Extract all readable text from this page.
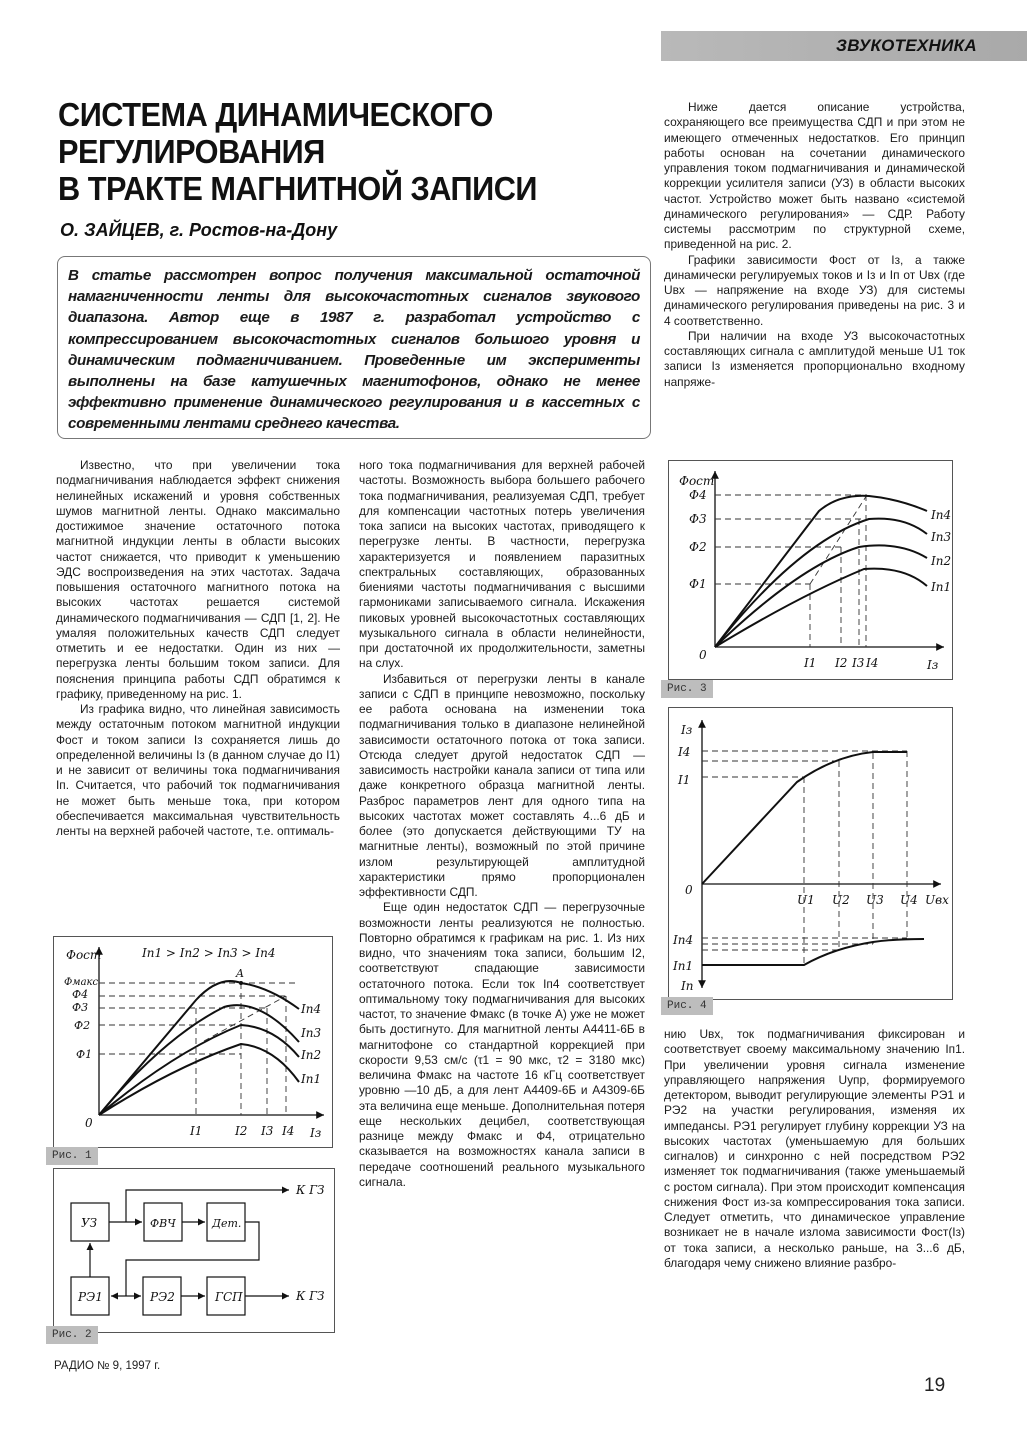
ЗВУКОТЕХНИКА
СИСТЕМА ДИНАМИЧЕСКОГО
РЕГУЛИРОВАНИЯ
В ТРАКТЕ МАГНИТНОЙ ЗАПИСИ
О. ЗАЙЦЕВ, г. Ростов-на-Дону

В статье рассмотрен вопрос получения максимальной остаточной намагниченности ленты для высокочастотных сигналов звукового диапазона. Автор еще в 1987 г. разработал устройство с компрессированием высокочастотных сигналов большого уровня и динамическим подмагничиванием. Проведенные им эксперименты выполнены на базе катушечных магнитофонов, однако не менее эффективно применение динамического регулирования и в кассетных с современными лентами среднего качества.

Известно, что при увеличении тока подмагничивания наблюдается эффект снижения нелинейных искажений и уровня собственных шумов магнитной ленты. Однако максимально достижимое значение остаточного потока магнитной индукции ленты в области высоких частот снижается, что приводит к уменьшению ЭДС воспроизведения на этих частотах. Задача повышения остаточного магнитного потока на высоких частотах решается системой динамического подмагничивания — СДП [1, 2]. Не умаляя положительных качеств СДП следует отметить и ее недостатки. Один из них — перегрузка ленты большим током записи. Для пояснения принципа работы СДП обратимся к графику, приведенному на рис. 1.

Из графика видно, что линейная зависимость между остаточным потоком магнитной индукции Фост и током записи Iз сохраняется лишь до определенной величины Iз (в данном случае до I1) и не зависит от величины тока подмагничивания Iп. Считается, что рабочий ток подмагничивания не может быть меньше тока, при котором обеспечивается максимальная чувствительность ленты на верхней рабочей частоте, т.е. оптималь-

ного тока подмагничивания для верхней рабочей частоты. Возможность выбора большего рабочего тока подмагничивания, реализуемая СДП, требует для компенсации частотных потерь увеличения тока записи на высоких частотах, приводящего к перегрузке ленты. В частности, перегрузка характеризуется и появлением паразитных спектральных составляющих, образованных биениями частоты подмагничивания с высшими гармониками записываемого сигнала. Искажения пиковых уровней высокочастотных составляющих музыкального сигнала в области нелинейности, при достаточной их продолжительности, заметны на слух.

Избавиться от перегрузки ленты в канале записи с СДП в принципе невозможно, поскольку ее работа основана на изменении тока подмагничивания только в диапазоне нелинейной зависимости остаточного потока от тока записи. Отсюда следует другой недостаток СДП — зависимость настройки канала записи от типа или даже конкретного образца магнитной ленты. Разброс параметров лент для одного типа на высоких частотах может составлять 4...6 дБ и более (это допускается действующими ТУ на магнитные ленты), возможный по этой причине излом результирующей амплитудной характеристики прямо пропорционален эффективности СДП.

Еще один недостаток СДП — перегрузочные возможности ленты реализуются не полностью. Повторно обратимся к графикам на рис. 1. Из них видно, что значениям тока записи, большим I2, соответствуют спадающие зависимости остаточного потока. Если ток Iп4 соответствует оптимальному току подмагничивания для высоких частот, то значение Фмакс (в точке А) уже не может быть достигнуто. Для магнитной ленты А4411-6Б в магнитофоне со стандартной коррекцией при скорости 9,53 см/с (τ1 = 90 мкс, τ2 = 3180 мкс) величина Фмакс на частоте 16 кГц соответствует уровню —10 дБ, а для лент А4409-6Б и А4309-6Б эта величина еще меньше. Дополнительная потеря еще нескольких децибел, соответствующая разнице между Фмакс и Ф4, отрицательно сказывается на возможностях канала записи в передаче соотношений реального музыкального сигнала.

Ниже дается описание устройства, сохраняющего все преимущества СДП и при этом не имеющего отмеченных недостатков. Его принцип работы основан на сочетании динамического управления током подмагничивания и динамической коррекции усилителя записи (УЗ) в области высоких частот. Устройство может быть названо «системой динамического регулирования» — СДР. Работу системы рассмотрим по структурной схеме, приведенной на рис. 2.

Графики зависимости Фост от Iз, а также динамически регулируемых токов и Iз и Iп от Uвх (где Uвх — напряжение на входе УЗ) для системы динамического регулирования приведены на рис. 3 и 4 соответственно.

При наличии на входе УЗ высокочастотных составляющих сигнала с амплитудой меньше U1 ток записи Iз изменяется пропорционально входному напряже-

нию Uвх, ток подмагничивания фиксирован и соответствует своему максимальному значению Iп1. При увеличении уровня сигнала изменение управляющего напряжения Uупр, формируемого детектором, выводит регулирующие элементы РЭ1 и РЭ2 на участки регулирования, изменяя их импедансы. РЭ1 регулирует глубину коррекции УЗ на высоких частотах (уменьшаемую для больших сигналов) и синхронно с ней посредством РЭ2 изменяет ток подмагничивания (также уменьшаемый с ростом сигнала). При этом происходит компенсация снижения Фост из-за компрессирования тока записи. Следует отметить, что динамическое управление возникает не в начале излома зависимости Фост(Iз) от тока записи, а несколько раньше, на 3...6 дБ, благодаря чему снижено влияние разбро-

Фост	Iп1 > Iп2 > Iп3 > Iп4
Фмакс
Ф4
Ф3
Ф2
Ф1
A
0
I1	I2 I3 I4 Iз
Iп4
Iп3
Iп2
Iп1
Рис. 1
УЗ	ФВЧ	Дет.
РЭ1	РЭ2	ГСП
К ГЗ
К ГЗ
Рис. 2
Фост
Ф4
Ф3
Ф2
Ф1
0
I1 I2 I3 I4	Iз
Iп4
Iп3
Iп2
Iп1
Рис. 3
Iз
I4
I1
0
U1 U2 U3 U4 Uвх
Iп4
Iп1
Iп
Рис. 4
РАДИО № 9, 1997 г.
19
